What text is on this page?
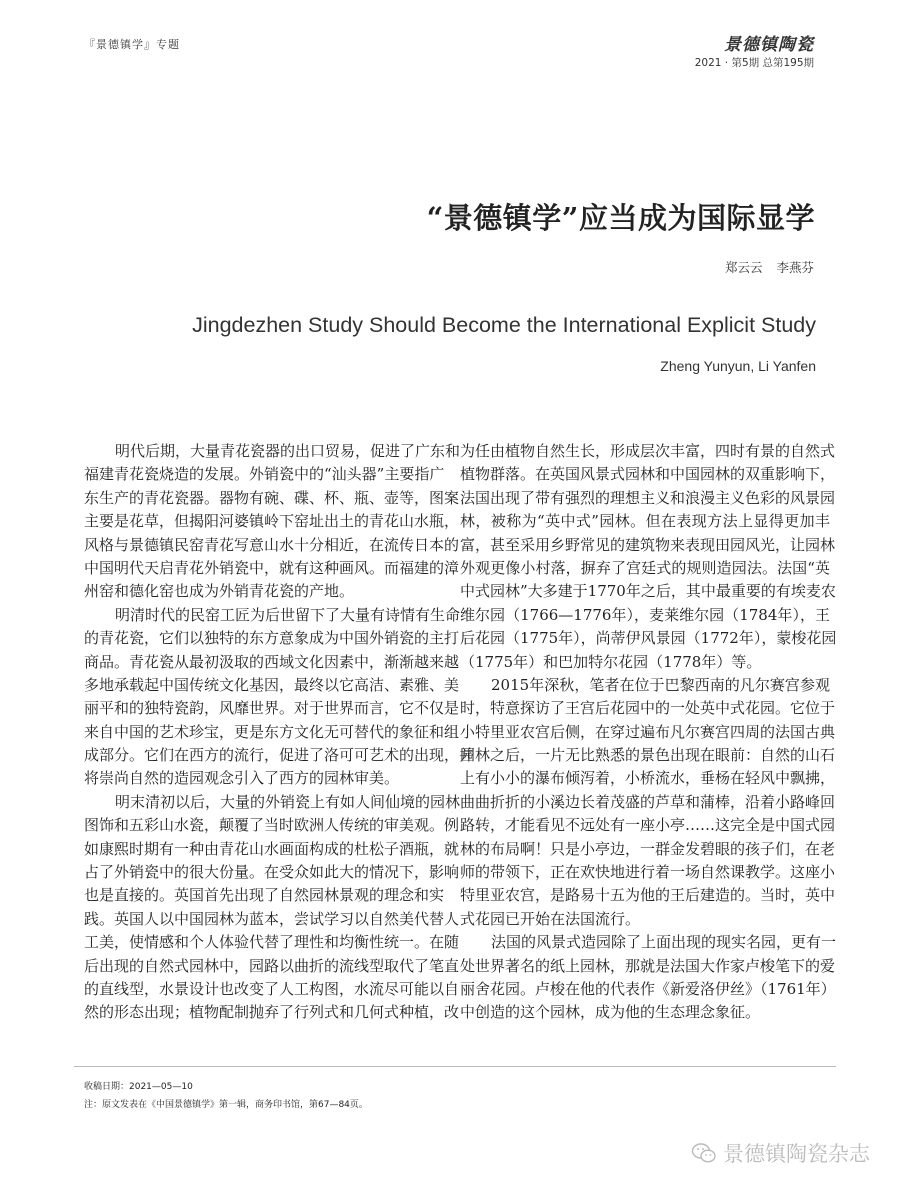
『景德镇学』专题	景德镇陶瓷
2021 · 第5期 总第195期
“景德镇学”应当成为国际显学
郑云云 李燕芬
Jingdezhen Study Should Become the International Explicit Study
Zheng Yunyun, Li Yanfen
明代后期，大量青花瓷器的出口贸易，促进了广东和
福建青花瓷烧造的发展。外销瓷中的“汕头器”主要指广
东生产的青花瓷器。器物有碗、碟、杯、瓶、壶等，图案
主要是花草，但揭阳河婆镇岭下窑址出土的青花山水瓶，
风格与景德镇民窑青花写意山水十分相近，在流传日本的
中国明代天启青花外销瓷中，就有这种画风。而福建的漳
州窑和德化窑也成为外销青花瓷的产地。
明清时代的民窑工匠为后世留下了大量有诗情有生命
的青花瓷，它们以独特的东方意象成为中国外销瓷的主打
商品。青花瓷从最初汲取的西域文化因素中，渐渐越来越
多地承载起中国传统文化基因，最终以它高洁、素雅、美
丽平和的独特瓷韵，风靡世界。对于世界而言，它不仅是
来自中国的艺术珍宝，更是东方文化无可替代的象征和组
成部分。它们在西方的流行，促进了洛可可艺术的出现，并
将崇尚自然的造园观念引入了西方的园林审美。
明末清初以后，大量的外销瓷上有如人间仙境的园林
图饰和五彩山水瓷，颠覆了当时欧洲人传统的审美观。例
如康熙时期有一种由青花山水画面构成的杜松子酒瓶，就
占了外销瓷中的很大份量。在受众如此大的情况下，影响
也是直接的。英国首先出现了自然园林景观的理念和实
践。英国人以中国园林为蓝本，尝试学习以自然美代替人
工美，使情感和个人体验代替了理性和均衡性统一。在随
后出现的自然式园林中，园路以曲折的流线型取代了笔直
的直线型，水景设计也改变了人工构图，水流尽可能以自
然的形态出现；植物配制抛弃了行列式和几何式种植，改
为任由植物自然生长，形成层次丰富，四时有景的自然式
植物群落。在英国风景式园林和中国园林的双重影响下，
法国出现了带有强烈的理想主义和浪漫主义色彩的风景园
林，被称为“英中式”园林。但在表现方法上显得更加丰
富，甚至采用乡野常见的建筑物来表现田园风光，让园林
外观更像小村落，摒弃了宫廷式的规则造园法。法国“英
中式园林”大多建于1770年之后，其中最重要的有埃麦农
维尔园（1766—1776年），麦莱维尔园（1784年），王
后花园（1775年），尚蒂伊风景园（1772年），蒙梭花园
（1775年）和巴加特尔花园（1778年）等。
2015年深秋，笔者在位于巴黎西南的凡尔赛宫参观
时，特意探访了王宫后花园中的一处英中式花园。它位于
小特里亚农宫后侧，在穿过遍布凡尔赛宫四周的法国古典
园林之后，一片无比熟悉的景色出现在眼前：自然的山石
上有小小的瀑布倾泻着，小桥流水，垂杨在轻风中飘拂，
曲曲折折的小溪边长着茂盛的芦草和蒲棒，沿着小路峰回
路转，才能看见不远处有一座小亭……这完全是中国式园
林的布局啊！只是小亭边，一群金发碧眼的孩子们，在老
师的带领下，正在欢快地进行着一场自然课教学。这座小
特里亚农宫，是路易十五为他的王后建造的。当时，英中
式花园已开始在法国流行。
法国的风景式造园除了上面出现的现实名园，更有一
处世界著名的纸上园林，那就是法国大作家卢梭笔下的爱
丽舍花园。卢梭在他的代表作《新爱洛伊丝》（1761年）
中创造的这个园林，成为他的生态理念象征。
收稿日期：2021—05—10
注：原文发表在《中国景德镇学》第一辑，商务印书馆，第67—84页。
景德镇陶瓷杂志
